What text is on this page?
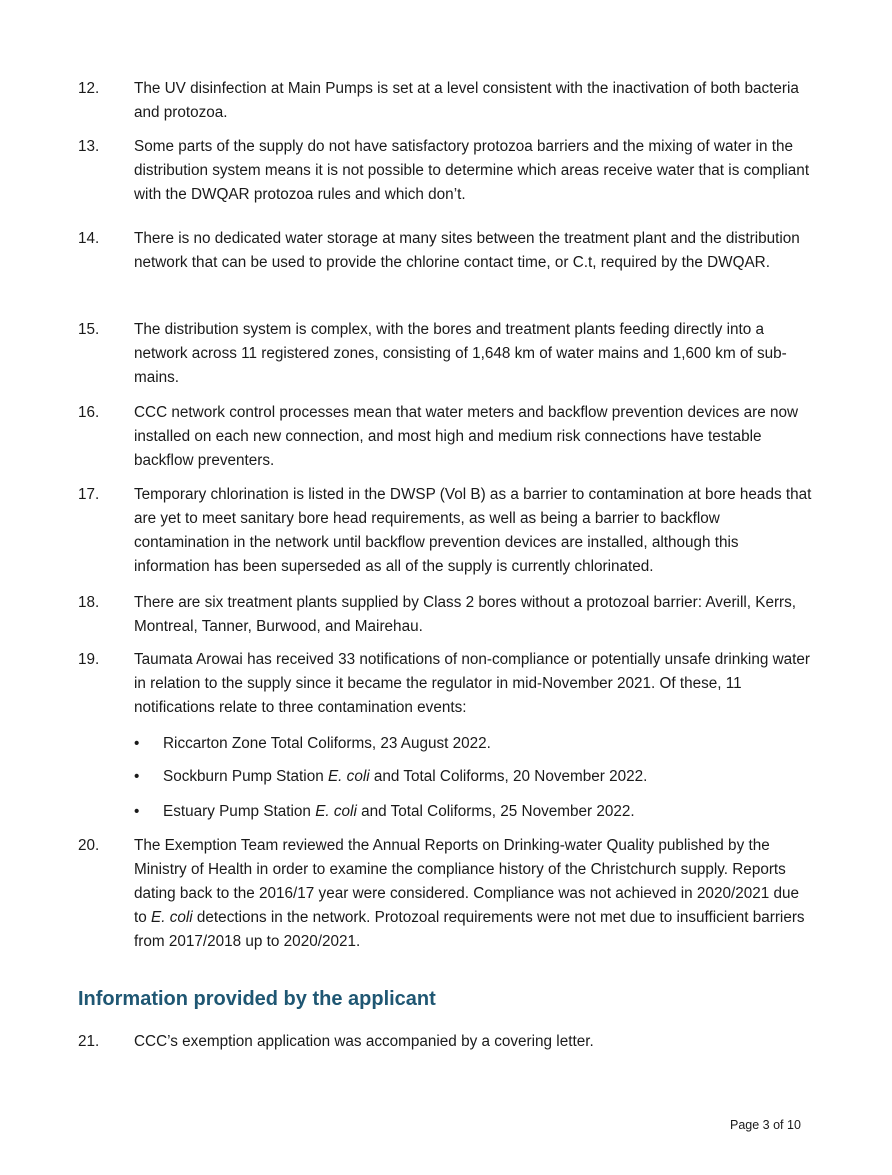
12.	The UV disinfection at Main Pumps is set at a level consistent with the inactivation of both bacteria and protozoa.
13.	Some parts of the supply do not have satisfactory protozoa barriers and the mixing of water in the distribution system means it is not possible to determine which areas receive water that is compliant with the DWQAR protozoa rules and which don’t.
14.	There is no dedicated water storage at many sites between the treatment plant and the distribution network that can be used to provide the chlorine contact time, or C.t, required by the DWQAR.
15.	The distribution system is complex, with the bores and treatment plants feeding directly into a network across 11 registered zones, consisting of 1,648 km of water mains and 1,600 km of sub-mains.
16.	CCC network control processes mean that water meters and backflow prevention devices are now installed on each new connection, and most high and medium risk connections have testable backflow preventers.
17.	Temporary chlorination is listed in the DWSP (Vol B) as a barrier to contamination at bore heads that are yet to meet sanitary bore head requirements, as well as being a barrier to backflow contamination in the network until backflow prevention devices are installed, although this information has been superseded as all of the supply is currently chlorinated.
18.	There are six treatment plants supplied by Class 2 bores without a protozoal barrier: Averill, Kerrs, Montreal, Tanner, Burwood, and Mairehau.
19.	Taumata Arowai has received 33 notifications of non-compliance or potentially unsafe drinking water in relation to the supply since it became the regulator in mid-November 2021. Of these, 11 notifications relate to three contamination events:
•	Riccarton Zone Total Coliforms, 23 August 2022.
•	Sockburn Pump Station E. coli and Total Coliforms, 20 November 2022.
•	Estuary Pump Station E. coli and Total Coliforms, 25 November 2022.
20.	The Exemption Team reviewed the Annual Reports on Drinking-water Quality published by the Ministry of Health in order to examine the compliance history of the Christchurch supply. Reports dating back to the 2016/17 year were considered. Compliance was not achieved in 2020/2021 due to E. coli detections in the network. Protozoal requirements were not met due to insufficient barriers from 2017/2018 up to 2020/2021.
Information provided by the applicant
21.	CCC’s exemption application was accompanied by a covering letter.
Page 3 of 10
